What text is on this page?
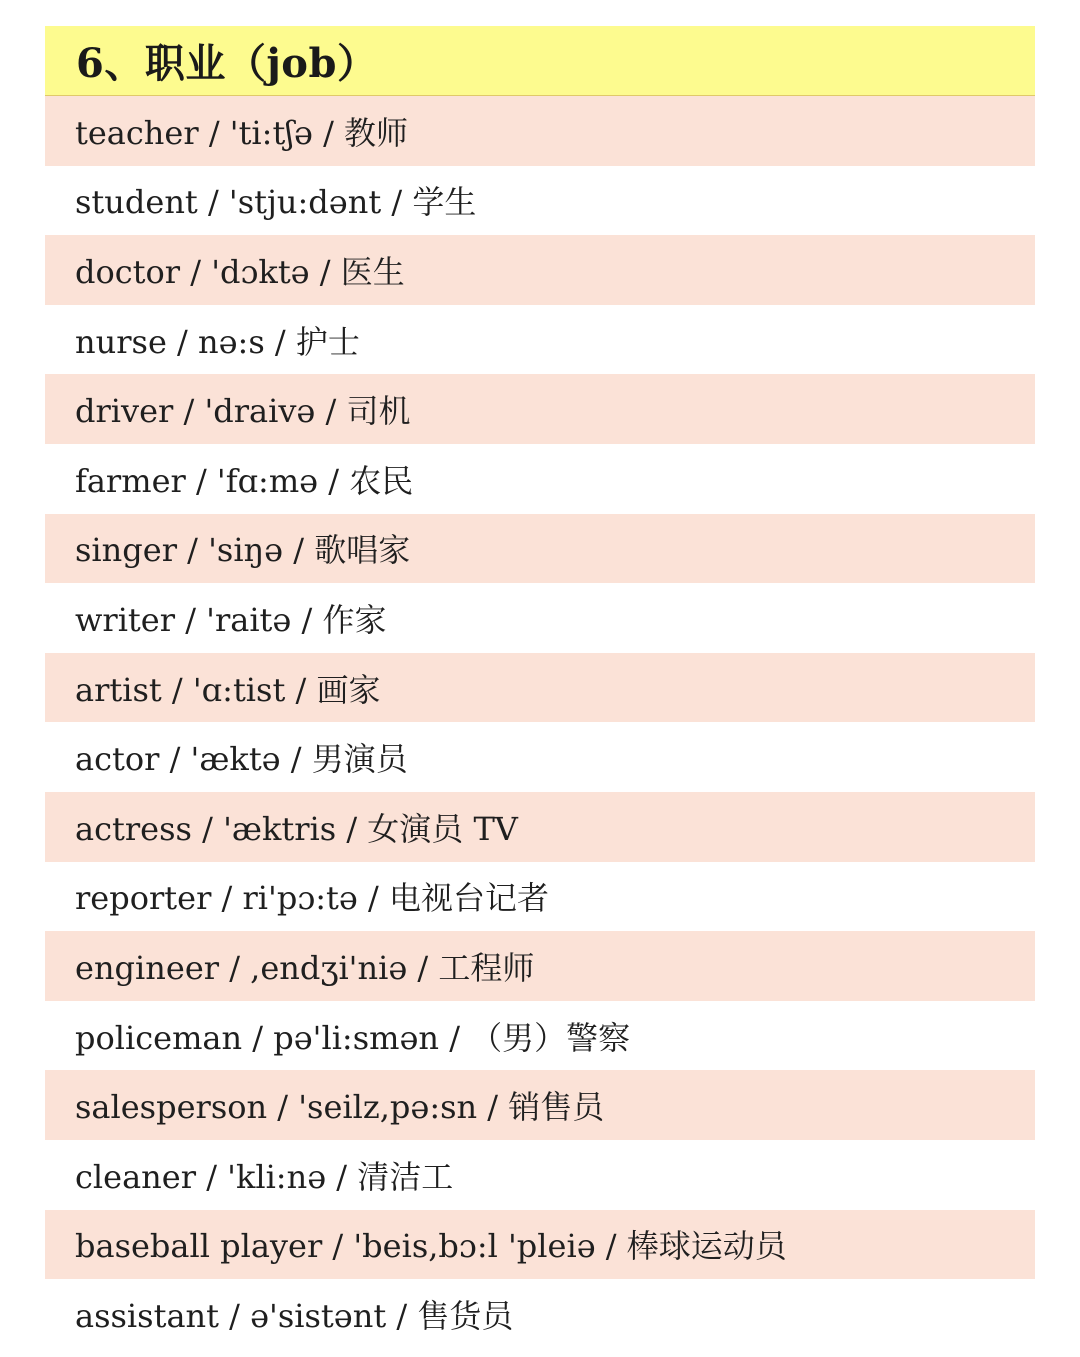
6、职业（job）
teacher / 'ti:tʃə / 教师
student / 'stju:dənt / 学生
doctor / 'dɔktə / 医生
nurse / nə:s / 护士
driver / 'draivə / 司机
farmer / 'fɑ:mə / 农民
singer / 'siŋə / 歌唱家
writer / 'raitə / 作家
artist / 'ɑ:tist / 画家
actor / 'æktə / 男演员
actress / 'æktris / 女演员 TV
reporter / ri'pɔ:tə / 电视台记者
engineer / ,endʒi'niə / 工程师
policeman / pə'li:smən / （男）警察
salesperson / 'seilz,pə:sn / 销售员
cleaner / 'kli:nə / 清洁工
baseball player / 'beis,bɔ:l 'pleiə / 棒球运动员
assistant / ə'sistənt / 售货员
